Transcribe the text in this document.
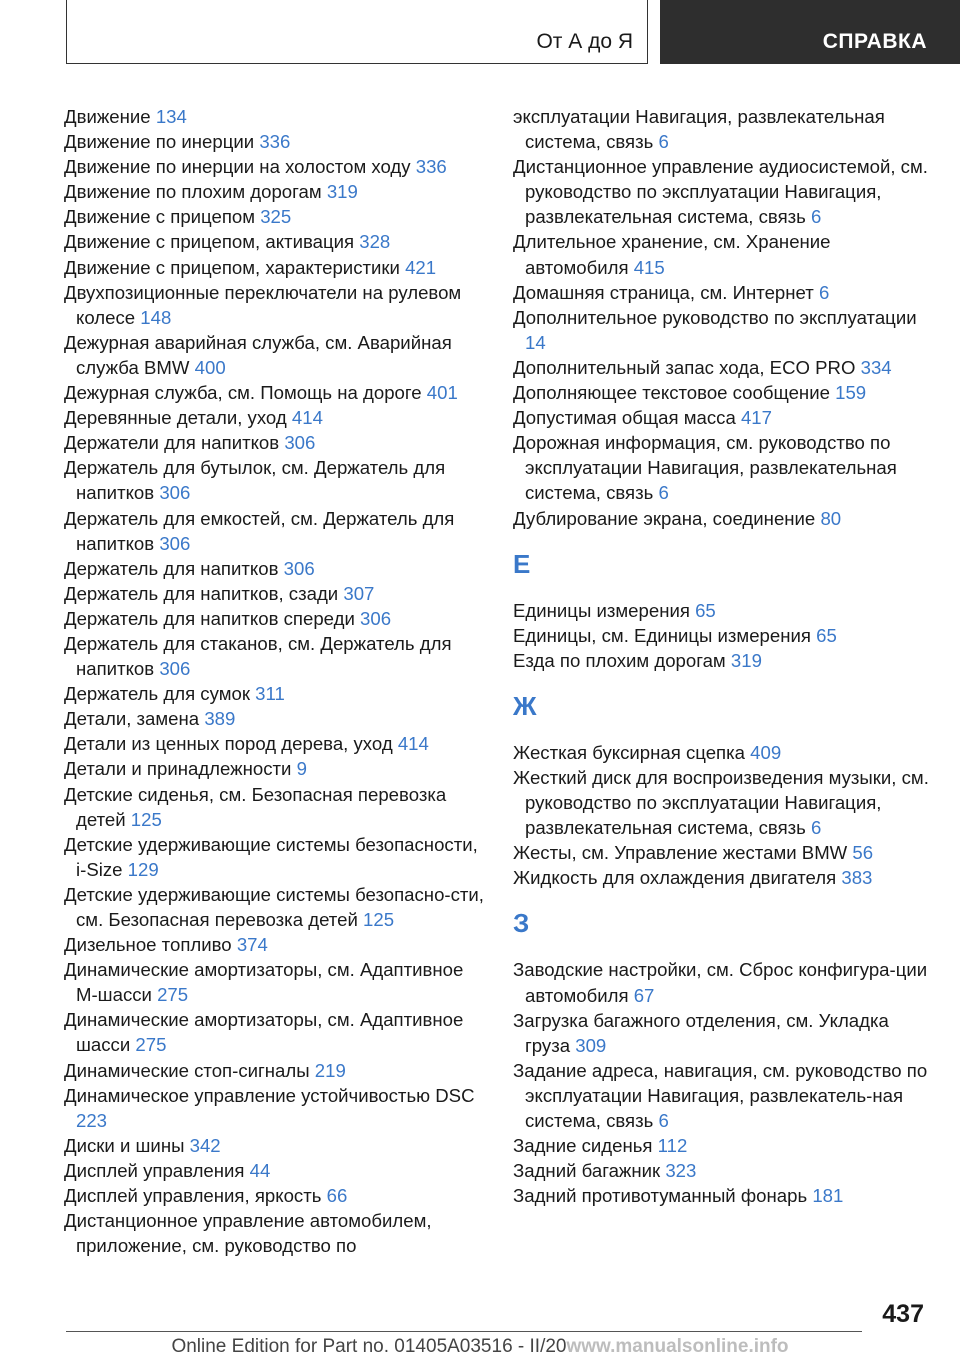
От А до Я	СПРАВКА
Движение 134
Движение по инерции 336
Движение по инерции на холостом ходу 336
Движение по плохим дорогам 319
Движение с прицепом 325
Движение с прицепом, активация 328
Движение с прицепом, характеристики 421
Двухпозиционные переключатели на рулевом колесе 148
Дежурная аварийная служба, см. Аварийная служба BMW 400
Дежурная служба, см. Помощь на дороге 401
Деревянные детали, уход 414
Держатели для напитков 306
Держатель для бутылок, см. Держатель для напитков 306
Держатель для емкостей, см. Держатель для напитков 306
Держатель для напитков 306
Держатель для напитков, сзади 307
Держатель для напитков спереди 306
Держатель для стаканов, см. Держатель для напитков 306
Держатель для сумок 311
Детали, замена 389
Детали из ценных пород дерева, уход 414
Детали и принадлежности 9
Детские сиденья, см. Безопасная перевозка детей 125
Детские удерживающие системы безопасности, i-Size 129
Детские удерживающие системы безопасно‐сти, см. Безопасная перевозка детей 125
Дизельное топливо 374
Динамические амортизаторы, см. Адаптивное M-шасси 275
Динамические амортизаторы, см. Адаптивное шасси 275
Динамические стоп-сигналы 219
Динамическое управление устойчивостью DSC 223
Диски и шины 342
Дисплей управления 44
Дисплей управления, яркость 66
Дистанционное управление автомобилем, приложение, см. руководство по
эксплуатации Навигация, развлекательная система, связь 6
Дистанционное управление аудиосистемой, см. руководство по эксплуатации Навигация, развлекательная система, связь 6
Длительное хранение, см. Хранение автомобиля 415
Домашняя страница, см. Интернет 6
Дополнительное руководство по эксплуатации 14
Дополнительный запас хода, ECO PRO 334
Дополняющее текстовое сообщение 159
Допустимая общая масса 417
Дорожная информация, см. руководство по эксплуатации Навигация, развлекательная система, связь 6
Дублирование экрана, соединение 80
Е
Единицы измерения 65
Единицы, см. Единицы измерения 65
Езда по плохим дорогам 319
Ж
Жесткая буксирная сцепка 409
Жесткий диск для воспроизведения музыки, см. руководство по эксплуатации Навигация, развлекательная система, связь 6
Жесты, см. Управление жестами BMW 56
Жидкость для охлаждения двигателя 383
З
Заводские настройки, см. Сброс конфигура‐ции автомобиля 67
Загрузка багажного отделения, см. Укладка груза 309
Задание адреса, навигация, см. руководство по эксплуатации Навигация, развлекатель‐ная система, связь 6
Задние сиденья 112
Задний багажник 323
Задний противотуманный фонарь 181
437
Online Edition for Part no. 01405A03516 - II/20www.manualsonline.info
